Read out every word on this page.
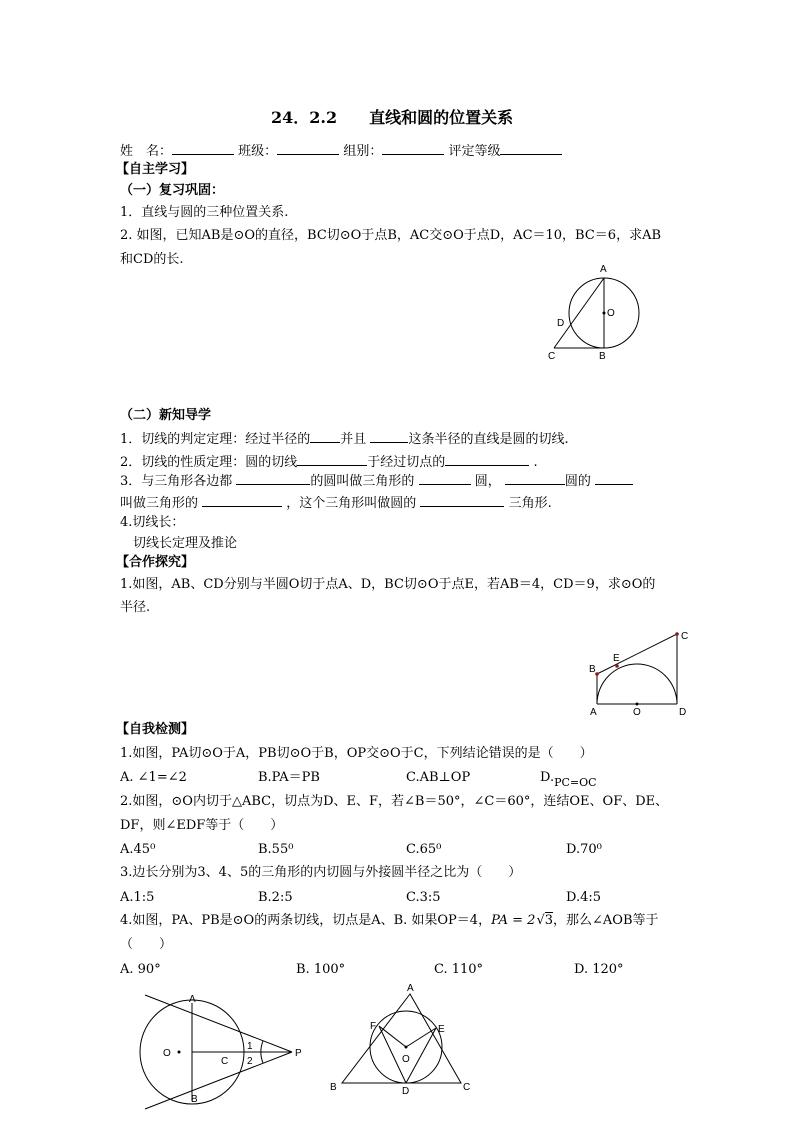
24．2.2　　直线和圆的位置关系
姓　名：	班级：	组别：	评定等级
【自主学习】
（一）复习巩固：
1．直线与圆的三种位置关系.
2. 如图，已知AB是⊙O的直径，BC切⊙O于点B，AC交⊙O于点D，AC＝10，BC＝6，求AB
和CD的长.
A
O
D
C	B
（二）新知导学
1．切线的判定定理：经过半径的 并且	这条半径的直线是圆的切线.
2．切线的性质定理：圆的切线	于经过切点的	.
3．与三角形各边都	的圆叫做三角形的	圆，	圆的
叫做三角形的	，这个三角形叫做圆的	三角形.
4.切线长：
切线长定理及推论
【合作探究】
1.如图，AB、CD分别与半圆O切于点A、D，BC切⊙O于点E，若AB＝4，CD＝9，求⊙O的
半径.
A
B
E
C
O	D
【自我检测】
1.如图，PA切⊙O于A，PB切⊙O于B，OP交⊙O于C，下列结论错误的是（　　）
A. ∠1=∠2	B.PA＝PB	C.AB⊥OP	$D._{PC=OC}$
2.如图，⊙O内切于△ABC，切点为D、E、F，若∠B＝50°，∠C＝60°，连结OE、OF、DE、
DF，则∠EDF等于（　　）
A.45⁰	B.55⁰	C.65⁰	D.70⁰
3.边长分别为3、4、5的三角形的内切圆与外接圆半径之比为（　　）
A.1:5	B.2:5	C.3:5	D.4:5
4.如图，PA、PB是⊙O的两条切线，切点是A、B. 如果OP＝4，PA = 2√3，那么∠AOB等于
（　　）
A. 90°	B. 100°	C. 110°	D. 120°
A
O
C
P
B
1
2
A
F	E
O
B	D	C
